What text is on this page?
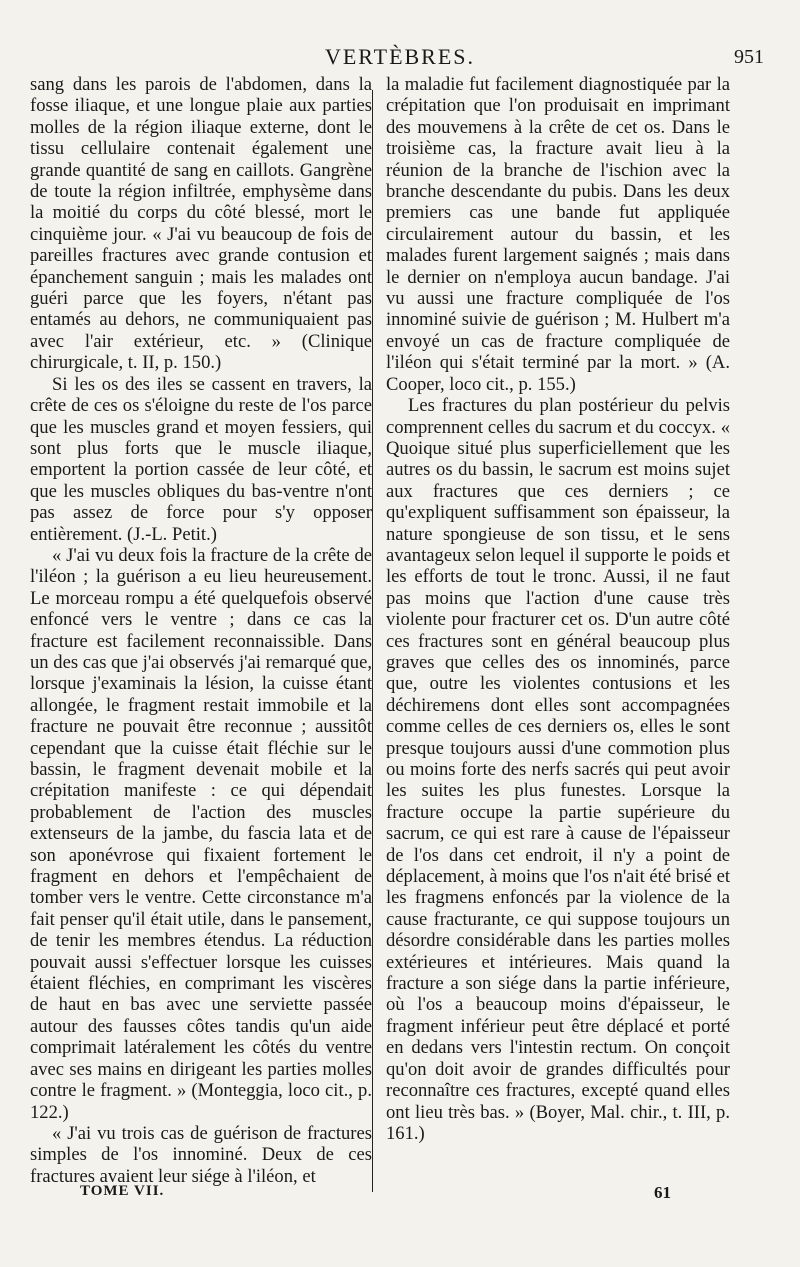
VERTÈBRES.	951

sang dans les parois de l'abdomen, dans la fosse iliaque, et une longue plaie aux parties molles de la région iliaque externe, dont le tissu cellulaire contenait également une grande quantité de sang en caillots. Gangrène de toute la région infiltrée, emphysème dans la moitié du corps du côté blessé, mort le cinquième jour. « J'ai vu beaucoup de fois de pareilles fractures avec grande contusion et épanchement sanguin ; mais les malades ont guéri parce que les foyers, n'étant pas entamés au dehors, ne communiquaient pas avec l'air extérieur, etc. » (Clinique chirurgicale, t. II, p. 150.)

Si les os des iles se cassent en travers, la crête de ces os s'éloigne du reste de l'os parce que les muscles grand et moyen fessiers, qui sont plus forts que le muscle iliaque, emportent la portion cassée de leur côté, et que les muscles obliques du bas-ventre n'ont pas assez de force pour s'y opposer entièrement. (J.-L. Petit.)

« J'ai vu deux fois la fracture de la crête de l'iléon ; la guérison a eu lieu heureusement. Le morceau rompu a été quelquefois observé enfoncé vers le ventre ; dans ce cas la fracture est facilement reconnaissible. Dans un des cas que j'ai observés j'ai remarqué que, lorsque j'examinais la lésion, la cuisse étant allongée, le fragment restait immobile et la fracture ne pouvait être reconnue ; aussitôt cependant que la cuisse était fléchie sur le bassin, le fragment devenait mobile et la crépitation manifeste : ce qui dépendait probablement de l'action des muscles extenseurs de la jambe, du fascia lata et de son aponévrose qui fixaient fortement le fragment en dehors et l'empêchaient de tomber vers le ventre. Cette circonstance m'a fait penser qu'il était utile, dans le pansement, de tenir les membres étendus. La réduction pouvait aussi s'effectuer lorsque les cuisses étaient fléchies, en comprimant les viscères de haut en bas avec une serviette passée autour des fausses côtes tandis qu'un aide comprimait latéralement les côtés du ventre avec ses mains en dirigeant les parties molles contre le fragment. » (Monteggia, loco cit., p. 122.)

« J'ai vu trois cas de guérison de fractures simples de l'os innominé. Deux de ces fractures avaient leur siége à l'iléon, et

la maladie fut facilement diagnostiquée par la crépitation que l'on produisait en imprimant des mouvemens à la crête de cet os. Dans le troisième cas, la fracture avait lieu à la réunion de la branche de l'ischion avec la branche descendante du pubis. Dans les deux premiers cas une bande fut appliquée circulairement autour du bassin, et les malades furent largement saignés ; mais dans le dernier on n'employa aucun bandage. J'ai vu aussi une fracture compliquée de l'os innominé suivie de guérison ; M. Hulbert m'a envoyé un cas de fracture compliquée de l'iléon qui s'était terminé par la mort. » (A. Cooper, loco cit., p. 155.)

Les fractures du plan postérieur du pelvis comprennent celles du sacrum et du coccyx. « Quoique situé plus superficiellement que les autres os du bassin, le sacrum est moins sujet aux fractures que ces derniers ; ce qu'expliquent suffisamment son épaisseur, la nature spongieuse de son tissu, et le sens avantageux selon lequel il supporte le poids et les efforts de tout le tronc. Aussi, il ne faut pas moins que l'action d'une cause très violente pour fracturer cet os. D'un autre côté ces fractures sont en général beaucoup plus graves que celles des os innominés, parce que, outre les violentes contusions et les déchiremens dont elles sont accompagnées comme celles de ces derniers os, elles le sont presque toujours aussi d'une commotion plus ou moins forte des nerfs sacrés qui peut avoir les suites les plus funestes. Lorsque la fracture occupe la partie supérieure du sacrum, ce qui est rare à cause de l'épaisseur de l'os dans cet endroit, il n'y a point de déplacement, à moins que l'os n'ait été brisé et les fragmens enfoncés par la violence de la cause fracturante, ce qui suppose toujours un désordre considérable dans les parties molles extérieures et intérieures. Mais quand la fracture a son siége dans la partie inférieure, où l'os a beaucoup moins d'épaisseur, le fragment inférieur peut être déplacé et porté en dedans vers l'intestin rectum. On conçoit qu'on doit avoir de grandes difficultés pour reconnaître ces fractures, excepté quand elles ont lieu très bas. » (Boyer, Mal. chir., t. III, p. 161.)

TOME VII.	61
